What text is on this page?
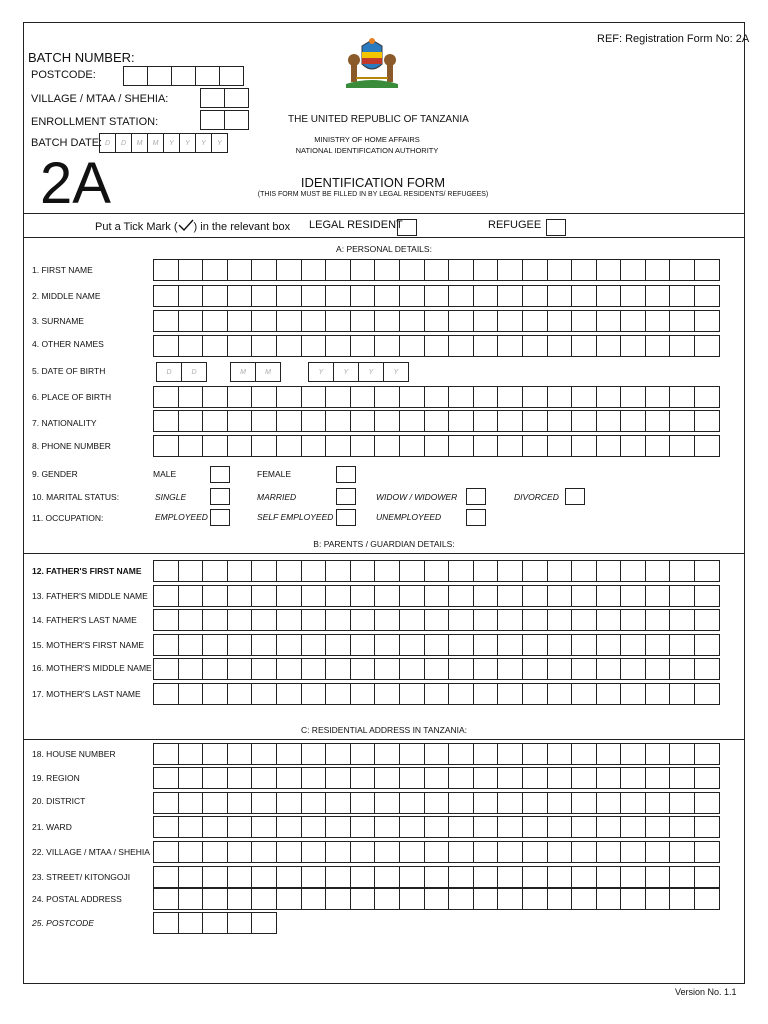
REF: Registration Form No: 2A
BATCH NUMBER:
POSTCODE:
VILLAGE / MTAA / SHEHIA:
ENROLLMENT STATION:
BATCH DATE: D	D	M	M	Y	Y	Y	Y
2A
THE UNITED REPUBLIC OF TANZANIA
MINISTRY OF HOME AFFAIRS
NATIONAL IDENTIFICATION AUTHORITY
IDENTIFICATION FORM
(THIS FORM MUST BE FILLED IN BY LEGAL RESIDENTS/ REFUGEES)
Put a Tick Mark ( ) in the relevant box LEGAL RESIDENT	REFUGEE
A: PERSONAL DETAILS:
1. FIRST NAME
2. MIDDLE NAME
3. SURNAME
4. OTHER NAMES
5. DATE OF BIRTH	D	D	M	M	Y	Y	Y	Y
6. PLACE OF BIRTH
7. NATIONALITY
8. PHONE NUMBER
9. GENDER	MALE	FEMALE
10. MARITAL STATUS:	SINGLE	MARRIED	WIDOW / WIDOWER	DIVORCED
11. OCCUPATION:	EMPLOYEED	SELF EMPLOYEED	UNEMPLOYEED
B: PARENTS / GUARDIAN DETAILS:
12. FATHER'S FIRST NAME
13. FATHER'S MIDDLE NAME
14. FATHER'S LAST NAME
15. MOTHER'S FIRST NAME
16. MOTHER'S MIDDLE NAME
17. MOTHER'S LAST NAME
C: RESIDENTIAL ADDRESS IN TANZANIA:
18. HOUSE NUMBER
19. REGION
20. DISTRICT
21. WARD
22. VILLAGE / MTAA / SHEHIA
23. STREET/ KITONGOJI
24. POSTAL ADDRESS
25. POSTCODE
Version No. 1.1
